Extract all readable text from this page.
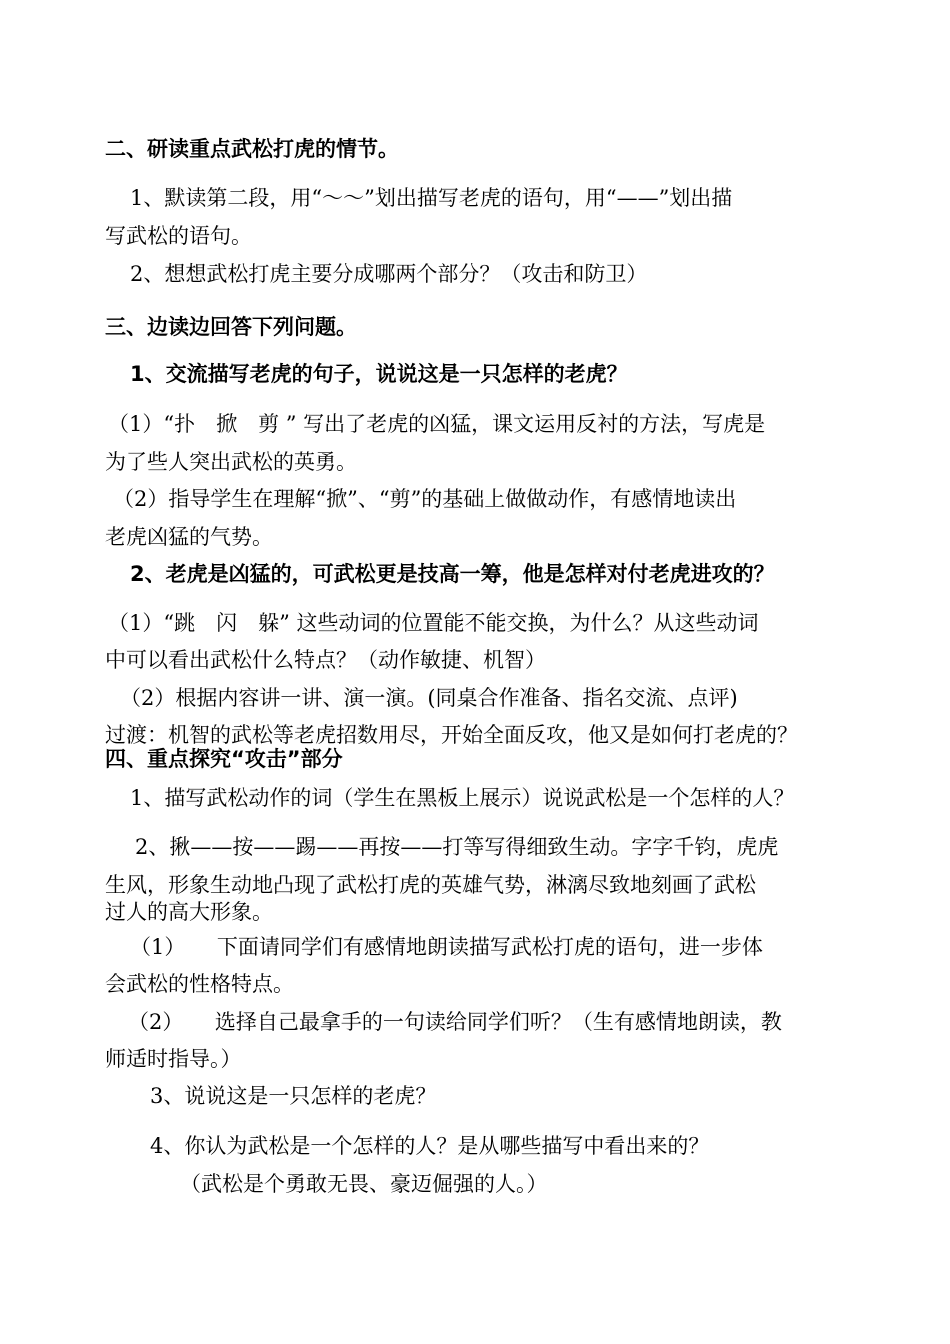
二、研读重点武松打虎的情节。
1、默读第二段，用“～～”划出描写老虎的语句，用“——”划出描
写武松的语句。
2、想想武松打虎主要分成哪两个部分？（攻击和防卫）
三、边读边回答下列问题。
1、交流描写老虎的句子，说说这是一只怎样的老虎？
（1）“扑　掀　剪 ” 写出了老虎的凶猛，课文运用反衬的方法，写虎是
为了些人突出武松的英勇。
（2）指导学生在理解“掀”、“剪”的基础上做做动作，有感情地读出
老虎凶猛的气势。
2、老虎是凶猛的，可武松更是技高一筹，他是怎样对付老虎进攻的？
（1）“跳　闪　躲” 这些动词的位置能不能交换，为什么？从这些动词
中可以看出武松什么特点？（动作敏捷、机智）
（2）根据内容讲一讲、演一演。(同桌合作准备、指名交流、点评)
过渡：机智的武松等老虎招数用尽，开始全面反攻，他又是如何打老虎的？
四、重点探究“攻击”部分
1、描写武松动作的词（学生在黑板上展示）说说武松是一个怎样的人？
2、揪——按——踢——再按——打等写得细致生动。字字千钧，虎虎
生风，形象生动地凸现了武松打虎的英雄气势，淋漓尽致地刻画了武松
过人的高大形象。
（1）　　下面请同学们有感情地朗读描写武松打虎的语句，进一步体
会武松的性格特点。
（2）　　选择自己最拿手的一句读给同学们听？（生有感情地朗读，教
师适时指导。）
3、说说这是一只怎样的老虎？
4、你认为武松是一个怎样的人？是从哪些描写中看出来的？
（武松是个勇敢无畏、豪迈倔强的人。）
